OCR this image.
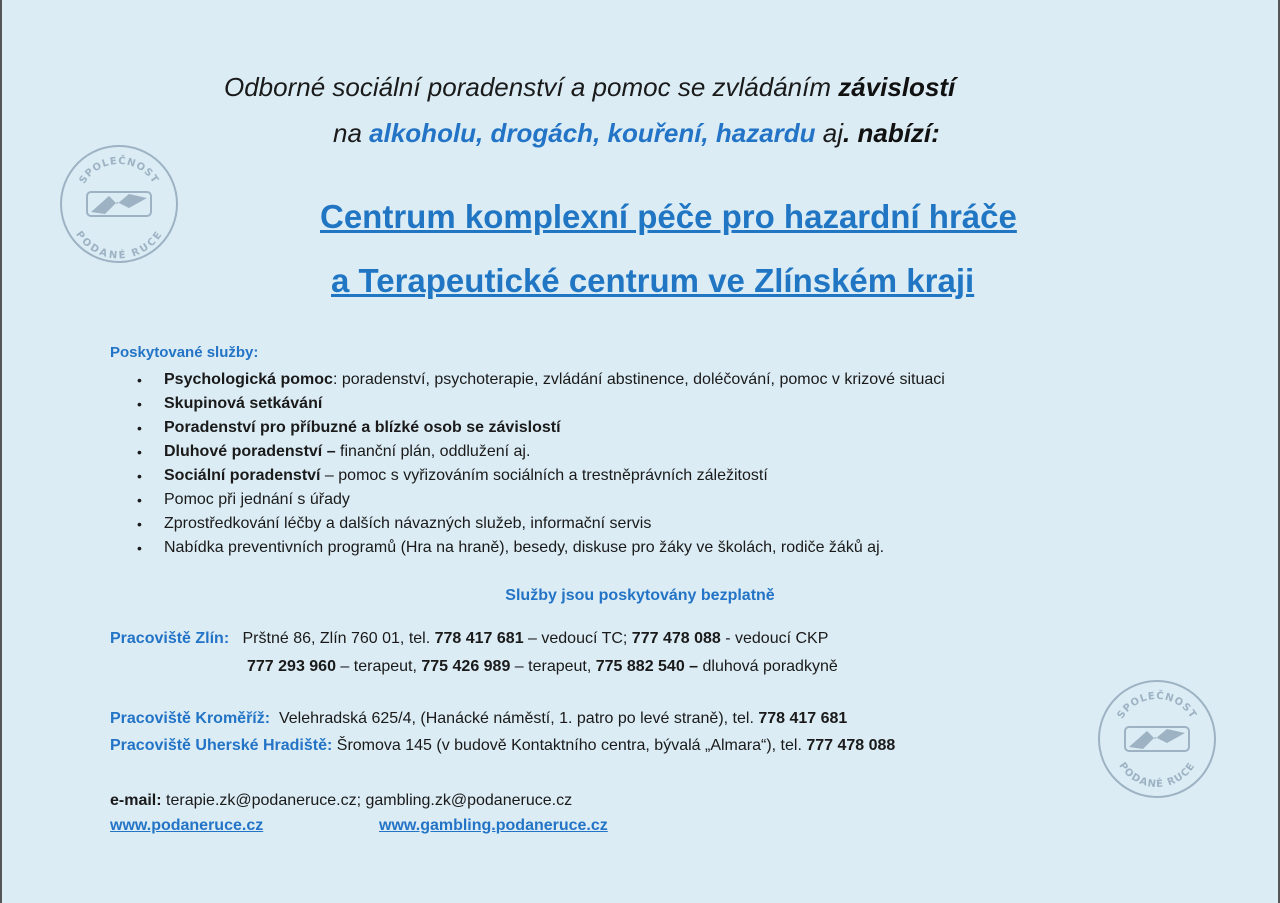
SPOLEČNOST
PODANÉ RUCE
SPOLEČNOST
PODANÉ RUCE
Odborné sociální poradenství a pomoc se zvládáním závislostí
na alkoholu, drogách, kouření, hazardu aj. nabízí:
Centrum komplexní péče pro hazardní hráče
a Terapeutické centrum ve Zlínském kraji
Poskytované služby:
• Psychologická pomoc: poradenství, psychoterapie, zvládání abstinence, doléčování, pomoc v krizové situaci
• Skupinová setkávání
• Poradenství pro příbuzné a blízké osob se závislostí
• Dluhové poradenství – finanční plán, oddlužení aj.
• Sociální poradenství – pomoc s vyřizováním sociálních a trestněprávních záležitostí
• Pomoc při jednání s úřady
• Zprostředkování léčby a dalších návazných služeb, informační servis
• Nabídka preventivních programů (Hra na hraně), besedy, diskuse pro žáky ve školách, rodiče žáků aj.
Služby jsou poskytovány bezplatně
Pracoviště Zlín: Prštné 86, Zlín 760 01, tel. 778 417 681 – vedoucí TC; 777 478 088 - vedoucí CKP
777 293 960 – terapeut, 775 426 989 – terapeut, 775 882 540 – dluhová poradkyně
Pracoviště Kroměříž: Velehradská 625/4, (Hanácké náměstí, 1. patro po levé straně), tel. 778 417 681
Pracoviště Uherské Hradiště: Šromova 145 (v budově Kontaktního centra, bývalá „Almara“), tel. 777 478 088
e-mail: terapie.zk@podaneruce.cz; gambling.zk@podaneruce.cz
www.podaneruce.cz	www.gambling.podaneruce.cz
